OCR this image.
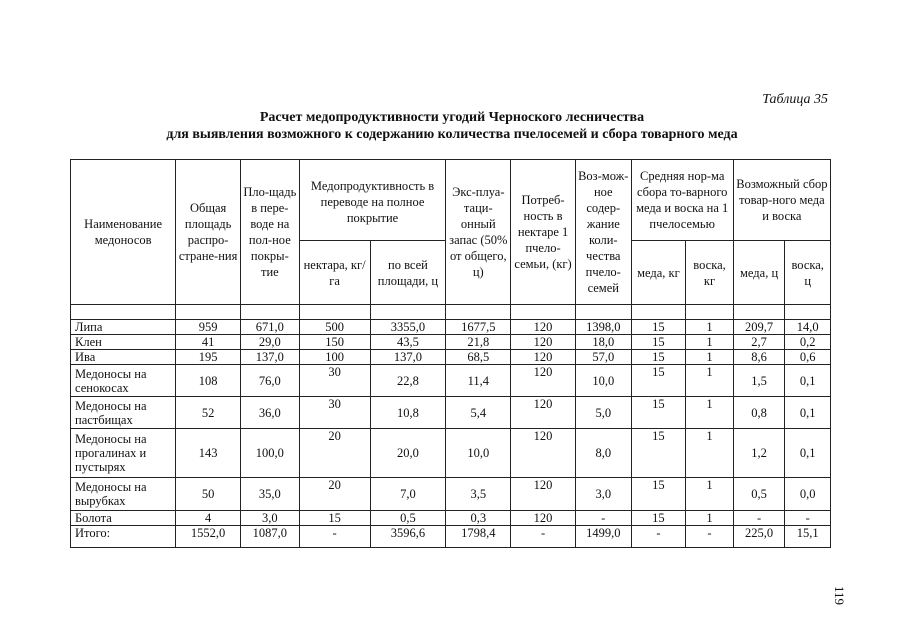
Таблица 35
Расчет медопродуктивности угодий Черноского лесничества
для выявления возможного к содержанию количества пчелосемей и сбора товарного меда
Наименование медоносов	Общая площадь распро-стране-ния	Пло-щадь в пере-воде на пол-ное покры-тие	Медопродуктивность в переводе на полное покрытие		Экс-плуа-таци-онный запас (50% от общего, ц)	Потреб-ность в нектаре 1 пчело-семьи, (кг)	Воз-мож-ное содер-жание коли-чества пчело-семей	Средняя нор-ма сбора то-варного меда и воска на 1 пчелосемью		Возможный сбор товар-ного меда и воска	
			нектара, кг/га	по всей площади, ц				меда, кг	воска, кг	меда, ц	воска, ц

Липа	959	671,0	500	3355,0	1677,5	120	1398,0	15	1	209,7	14,0
Клен	41	29,0	150	43,5	21,8	120	18,0	15	1	2,7	0,2
Ива	195	137,0	100	137,0	68,5	120	57,0	15	1	8,6	0,6
Медоносы на сенокосах	108	76,0	30	22,8	11,4	120	10,0	15	1	1,5	0,1
Медоносы на пастбищах	52	36,0	30	10,8	5,4	120	5,0	15	1	0,8	0,1
Медоносы на прогалинах и пустырях	143	100,0	20	20,0	10,0	120	8,0	15	1	1,2	0,1
Медоносы на вырубках	50	35,0	20	7,0	3,5	120	3,0	15	1	0,5	0,0
Болота	4	3,0	15	0,5	0,3	120	-	15	1	-	-
Итого:	1552,0	1087,0	-	3596,6	1798,4	-	1499,0	-	-	225,0	15,1
119
